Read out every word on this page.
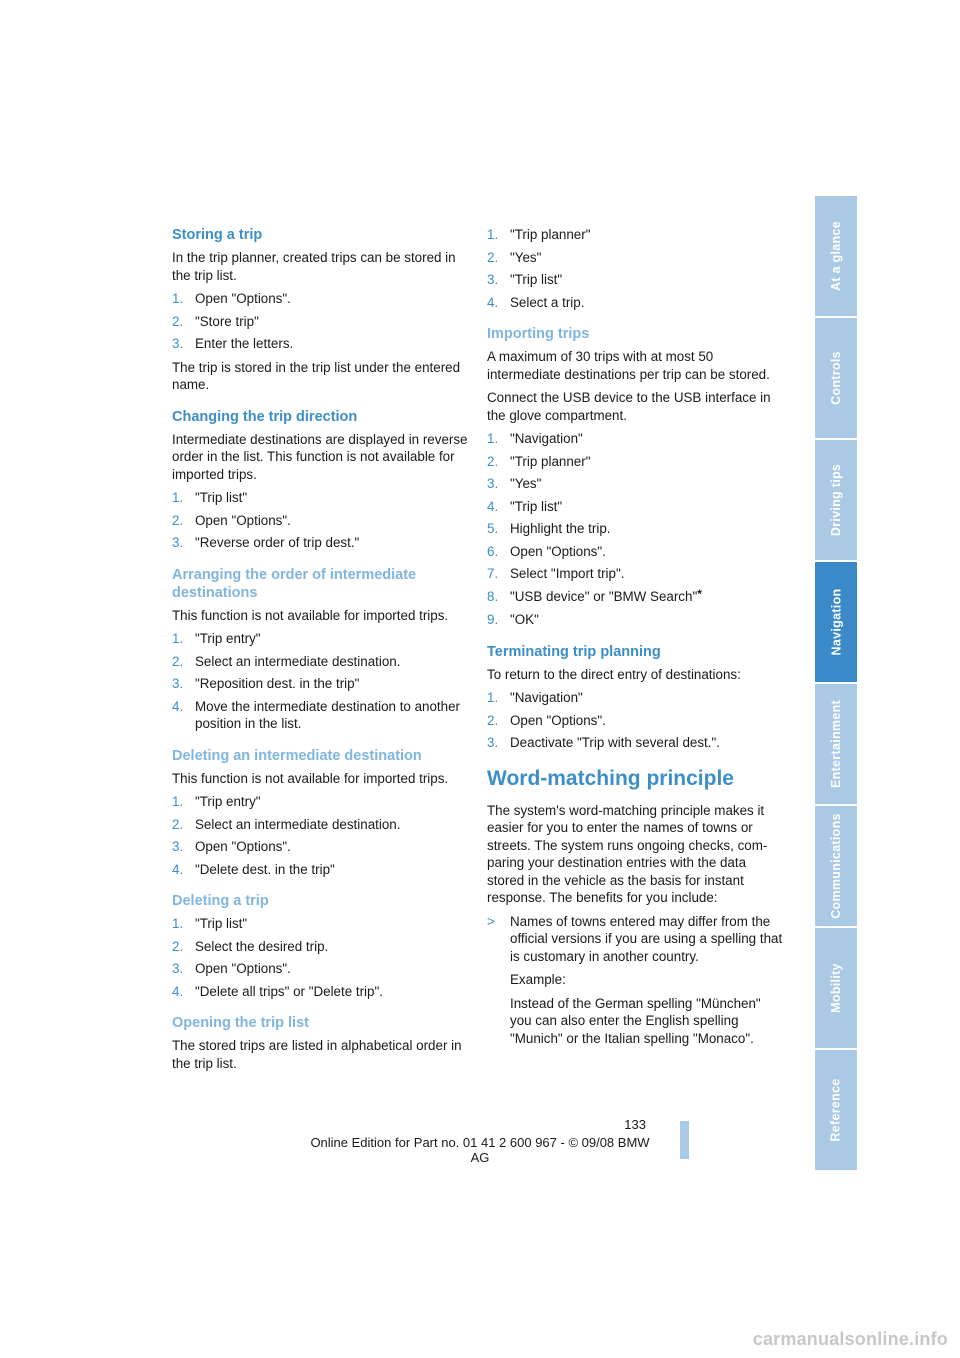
Storing a trip

In the trip planner, created trips can be stored in the trip list.

1. Open "Options".
2. "Store trip"
3. Enter the letters.

The trip is stored in the trip list under the entered name.

Changing the trip direction

Intermediate destinations are displayed in reverse order in the list. This function is not available for imported trips.

1. "Trip list"
2. Open "Options".
3. "Reverse order of trip dest."
Arranging the order of intermediate destinations

This function is not available for imported trips.

1. "Trip entry"
2. Select an intermediate destination.
3. "Reposition dest. in the trip"
4. Move the intermediate destination to another position in the list.
Deleting an intermediate destination

This function is not available for imported trips.

1. "Trip entry"
2. Select an intermediate destination.
3. Open "Options".
4. "Delete dest. in the trip"
Deleting a trip
1. "Trip list"
2. Select the desired trip.
3. Open "Options".
4. "Delete all trips" or "Delete trip".
Opening the trip list

The stored trips are listed in alphabetical order in the trip list.

1. "Trip planner"
2. "Yes"
3. "Trip list"
4. Select a trip.
Importing trips

A maximum of 30 trips with at most 50 intermediate destinations per trip can be stored.

Connect the USB device to the USB interface in the glove compartment.

1. "Navigation"
2. "Trip planner"
3. "Yes"
4. "Trip list"
5. Highlight the trip.
6. Open "Options".
7. Select "Import trip".
8. "USB device" or "BMW Search"*
9. "OK"
Terminating trip planning

To return to the direct entry of destinations:

1. "Navigation"
2. Open "Options".
3. Deactivate "Trip with several dest.".
Word-matching principle

The system's word-matching principle makes it easier for you to enter the names of towns or streets. The system runs ongoing checks, comparing your destination entries with the data stored in the vehicle as the basis for instant response. The benefits for you include:

> Names of towns entered may differ from the official versions if you are using a spelling that is customary in another country.

Example:

Instead of the German spelling "München" you can also enter the English spelling "Munich" or the Italian spelling "Monaco".

At a glance
Controls
Driving tips
Navigation
Entertainment
Communications
Mobility
Reference
133
Online Edition for Part no. 01 41 2 600 967 - © 09/08 BMW AG
carmanualsonline.info
